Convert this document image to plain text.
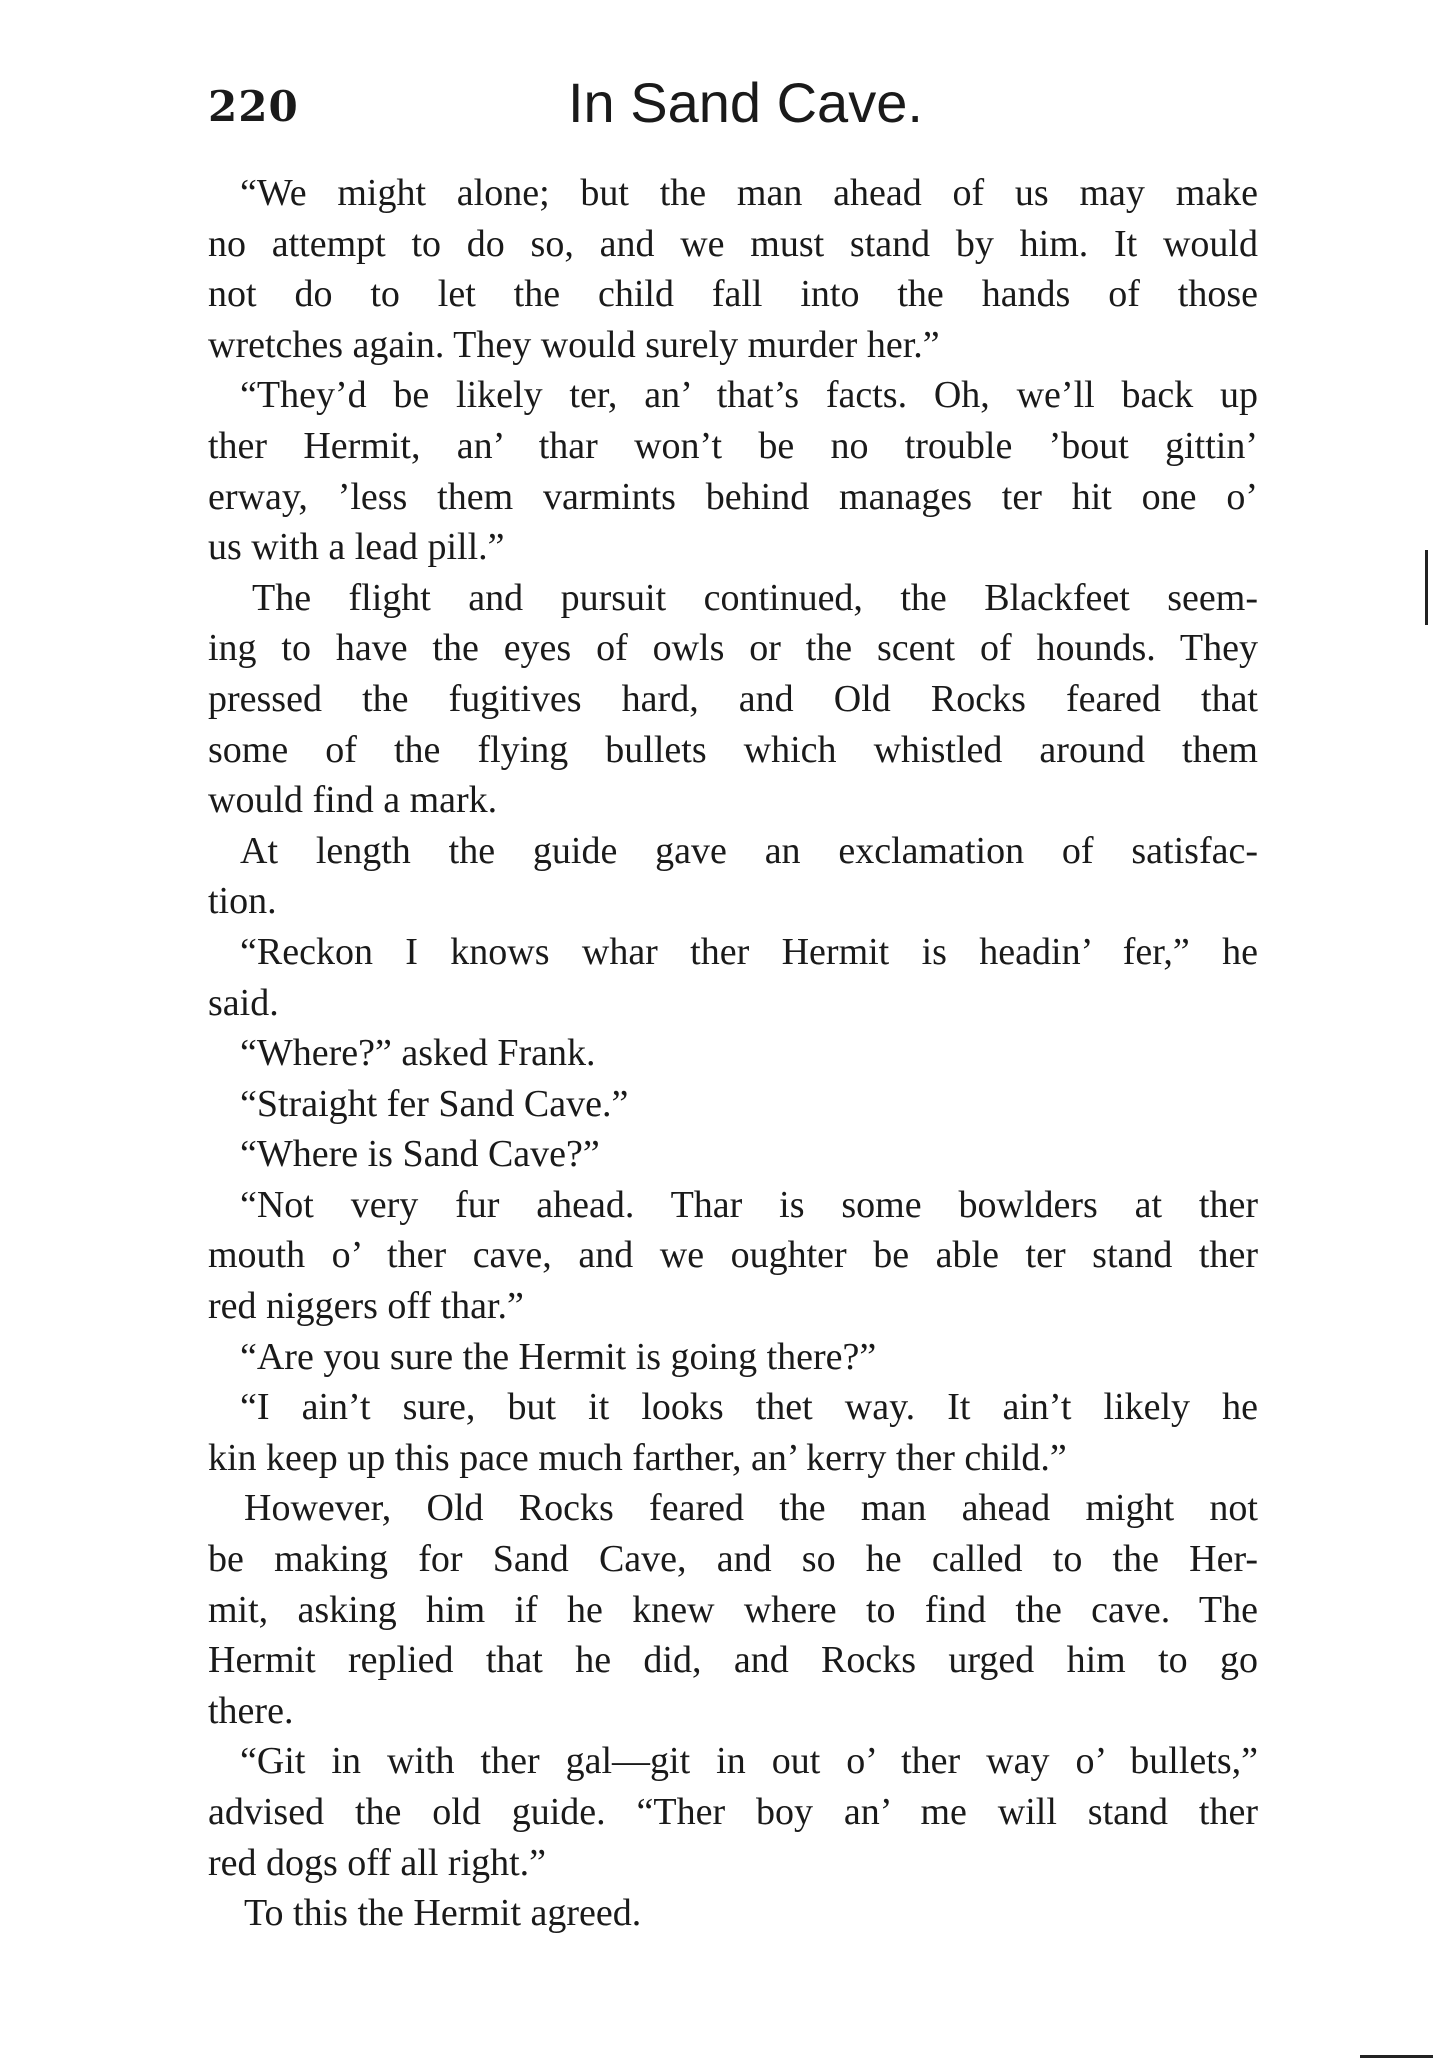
220	In Sand Cave.
“We might alone; but the man ahead of us may make
no attempt to do so, and we must stand by him. It would
not do to let the child fall into the hands of those
wretches again. They would surely murder her.”
“They’d be likely ter, an’ that’s facts. Oh, we’ll back up
ther Hermit, an’ thar won’t be no trouble ’bout gittin’
erway, ’less them varmints behind manages ter hit one o’
us with a lead pill.”
The flight and pursuit continued, the Blackfeet seem-
ing to have the eyes of owls or the scent of hounds. They
pressed the fugitives hard, and Old Rocks feared that
some of the flying bullets which whistled around them
would find a mark.
At length the guide gave an exclamation of satisfac-
tion.
“Reckon I knows whar ther Hermit is headin’ fer,” he
said.
“Where?” asked Frank.
“Straight fer Sand Cave.”
“Where is Sand Cave?”
“Not very fur ahead. Thar is some bowlders at ther
mouth o’ ther cave, and we oughter be able ter stand ther
red niggers off thar.”
“Are you sure the Hermit is going there?”
“I ain’t sure, but it looks thet way. It ain’t likely he
kin keep up this pace much farther, an’ kerry ther child.”
However, Old Rocks feared the man ahead might not
be making for Sand Cave, and so he called to the Her-
mit, asking him if he knew where to find the cave. The
Hermit replied that he did, and Rocks urged him to go
there.
“Git in with ther gal—git in out o’ ther way o’ bullets,”
advised the old guide. “Ther boy an’ me will stand ther
red dogs off all right.”
To this the Hermit agreed.
